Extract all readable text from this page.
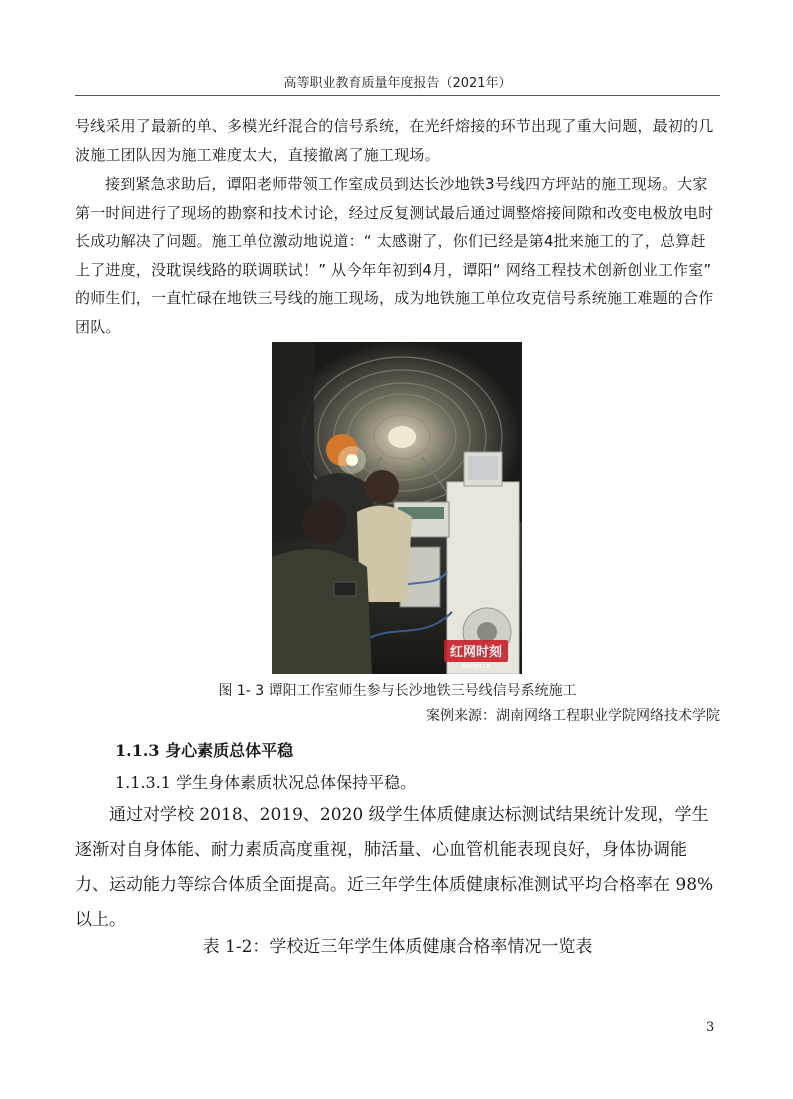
高等职业教育质量年度报告（2021年）

号线采用了最新的单、多模光纤混合的信号系统，在光纤熔接的环节出现了重大问题，最初的几波施工团队因为施工难度太大，直接撤离了施工现场。

接到紧急求助后，谭阳老师带领工作室成员到达长沙地铁3号线四方坪站的施工现场。大家第一时间进行了现场的勘察和技术讨论，经过反复测试最后通过调整熔接间隙和改变电极放电时长成功解决了问题。施工单位激动地说道：“ 太感谢了，你们已经是第4批来施工的了，总算赶上了进度，没耽误线路的联调联试！” 从今年年初到4月，谭阳“ 网络工程技术创新创业工作室” 的师生们，一直忙碌在地铁三号线的施工现场，成为地铁施工单位攻克信号系统施工难题的合作团队。

红网时刻
REDNET.CN
图 1- 3 谭阳工作室师生参与长沙地铁三号线信号系统施工
案例来源：湖南网络工程职业学院网络技术学院
1.1.3 身心素质总体平稳
1.1.3.1 学生身体素质状况总体保持平稳。

通过对学校 2018、2019、2020 级学生体质健康达标测试结果统计发现，学生逐渐对自身体能、耐力素质高度重视，肺活量、心血管机能表现良好，身体协调能力、运动能力等综合体质全面提高。近三年学生体质健康标准测试平均合格率在 98%以上。

表 1-2：学校近三年学生体质健康合格率情况一览表
3
